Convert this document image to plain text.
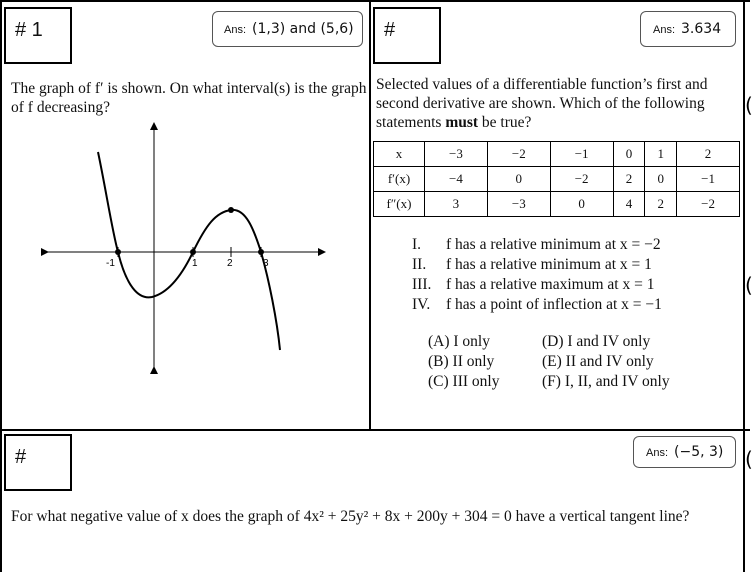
# 1	Ans: (1,3) and (5,6)
The graph of f′ is shown. On what interval(s) is the graph of f decreasing?
-1	1	2	3
#	Ans: 3.634
Selected values of a differentiable function’s first and second derivative are shown. Which of the following statements must be true?
x	−3	−2	−1	0	1	2
f′(x)	−4	0	−2	2	0	−1
f″(x)	3	−3	0	4	2	−2
I. f has a relative minimum at x = −2
II. f has a relative minimum at x = 1
III. f has a relative maximum at x = 1
IV. f has a point of inflection at x = −1
(A) I only
(B) II only
(C) III only
(D) I and IV only
(E) II and IV only
(F) I, II, and IV only
#	Ans: (−5, 3)
For what negative value of x does the graph of 4x² + 25y² + 8x + 200y + 304 = 0 have a vertical tangent line?
(
(
(
